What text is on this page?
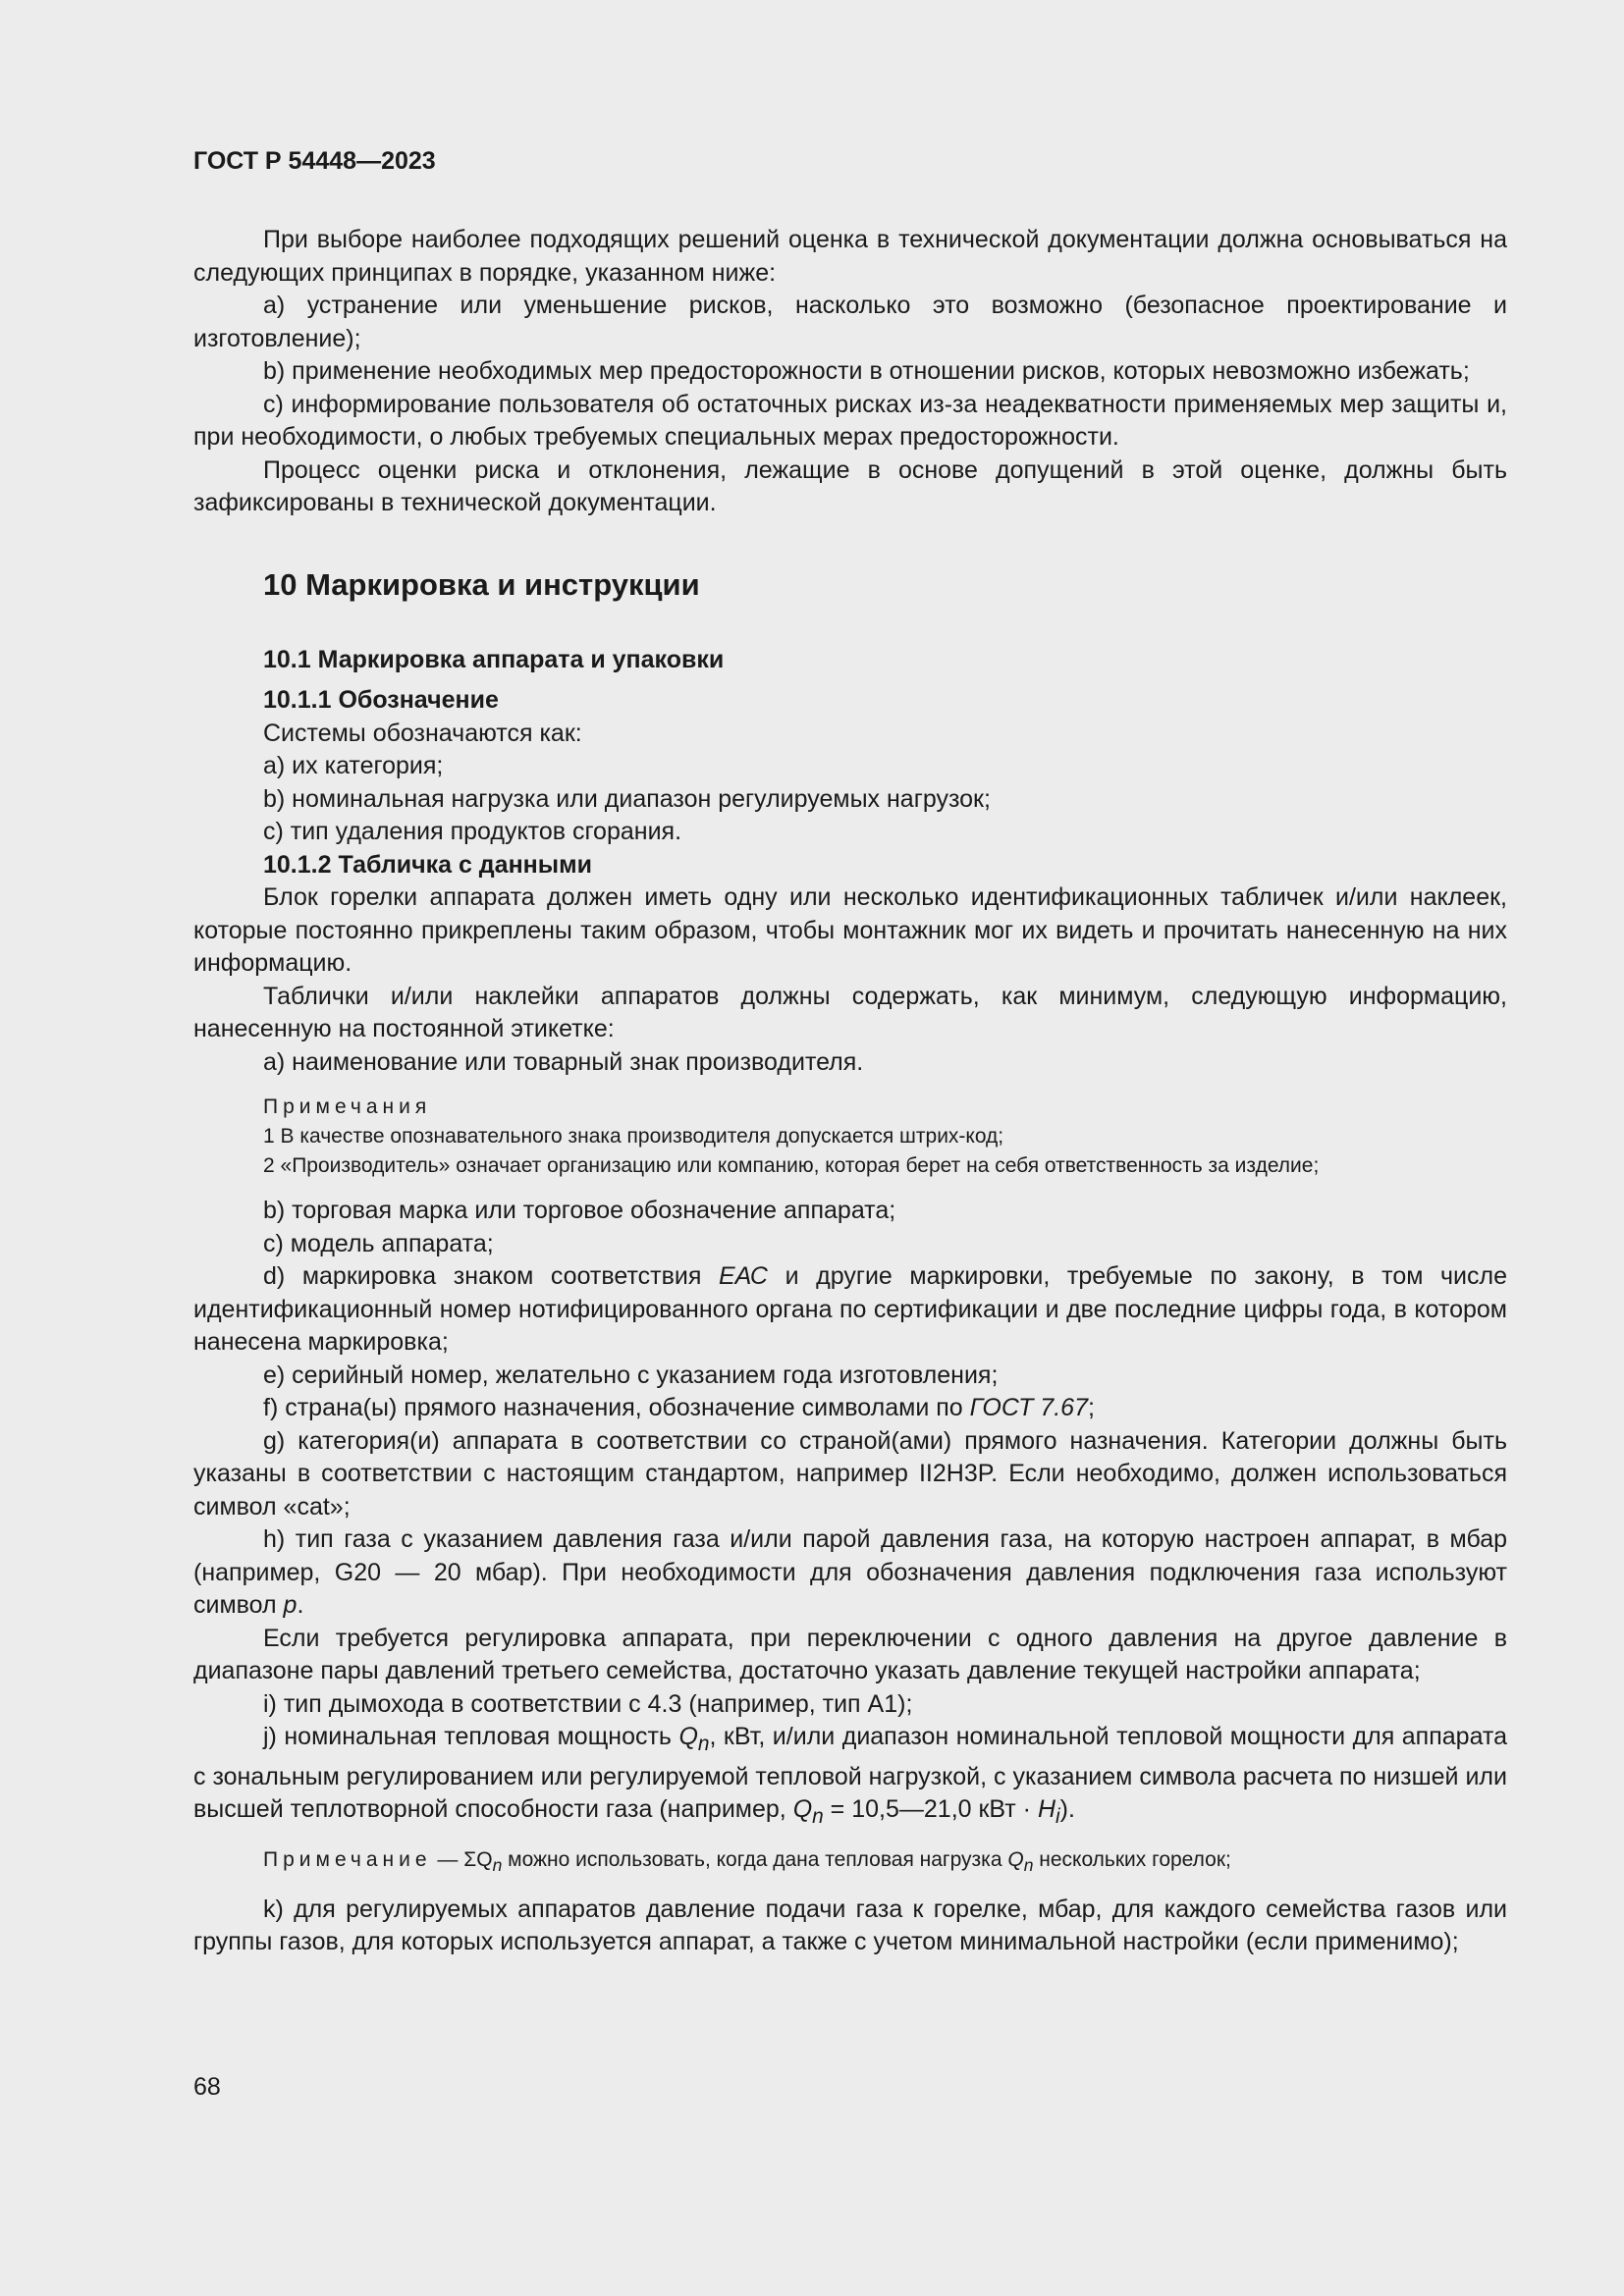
ГОСТ Р 54448—2023

При выборе наиболее подходящих решений оценка в технической документации должна основываться на следующих принципах в порядке, указанном ниже:

a) устранение или уменьшение рисков, насколько это возможно (безопасное проектирование и изготовление);

b) применение необходимых мер предосторожности в отношении рисков, которых невозможно избежать;

c) информирование пользователя об остаточных рисках из-за неадекватности применяемых мер защиты и, при необходимости, о любых требуемых специальных мерах предосторожности.

Процесс оценки риска и отклонения, лежащие в основе допущений в этой оценке, должны быть зафиксированы в технической документации.

10 Маркировка и инструкции
10.1 Маркировка аппарата и упаковки
10.1.1 Обозначение

Системы обозначаются как:

a) их категория;

b) номинальная нагрузка или диапазон регулируемых нагрузок;

c) тип удаления продуктов сгорания.

10.1.2 Табличка с данными

Блок горелки аппарата должен иметь одну или несколько идентификационных табличек и/или наклеек, которые постоянно прикреплены таким образом, чтобы монтажник мог их видеть и прочитать нанесенную на них информацию.

Таблички и/или наклейки аппаратов должны содержать, как минимум, следующую информацию, нанесенную на постоянной этикетке:

a) наименование или товарный знак производителя.

Примечания
1 В качестве опознавательного знака производителя допускается штрих-код;
2 «Производитель» означает организацию или компанию, которая берет на себя ответственность за изделие;

b) торговая марка или торговое обозначение аппарата;

c) модель аппарата;

d) маркировка знаком соответствия ЕАС и другие маркировки, требуемые по закону, в том числе идентификационный номер нотифицированного органа по сертификации и две последние цифры года, в котором нанесена маркировка;

e) серийный номер, желательно с указанием года изготовления;

f) страна(ы) прямого назначения, обозначение символами по ГОСТ 7.67;

g) категория(и) аппарата в соответствии со страной(ами) прямого назначения. Категории должны быть указаны в соответствии с настоящим стандартом, например II2H3P. Если необходимо, должен использоваться символ «cat»;

h) тип газа с указанием давления газа и/или парой давления газа, на которую настроен аппарат, в мбар (например, G20 — 20 мбар). При необходимости для обозначения давления подключения газа используют символ p.

Если требуется регулировка аппарата, при переключении с одного давления на другое давление в диапазоне пары давлений третьего семейства, достаточно указать давление текущей настройки аппарата;

i) тип дымохода в соответствии с 4.3 (например, тип А1);

j) номинальная тепловая мощность $Q_n$, кВт, и/или диапазон номинальной тепловой мощности для аппарата с зональным регулированием или регулируемой тепловой нагрузкой, с указанием символа расчета по низшей или высшей теплотворной способности газа (например, $Q_n$ = 10,5—21,0 кВт · $H_i$).

Примечание — $\Sigma Q_n$ можно использовать, когда дана тепловая нагрузка $Q_n$ нескольких горелок;

k) для регулируемых аппаратов давление подачи газа к горелке, мбар, для каждого семейства газов или группы газов, для которых используется аппарат, а также с учетом минимальной настройки (если применимо);

68
